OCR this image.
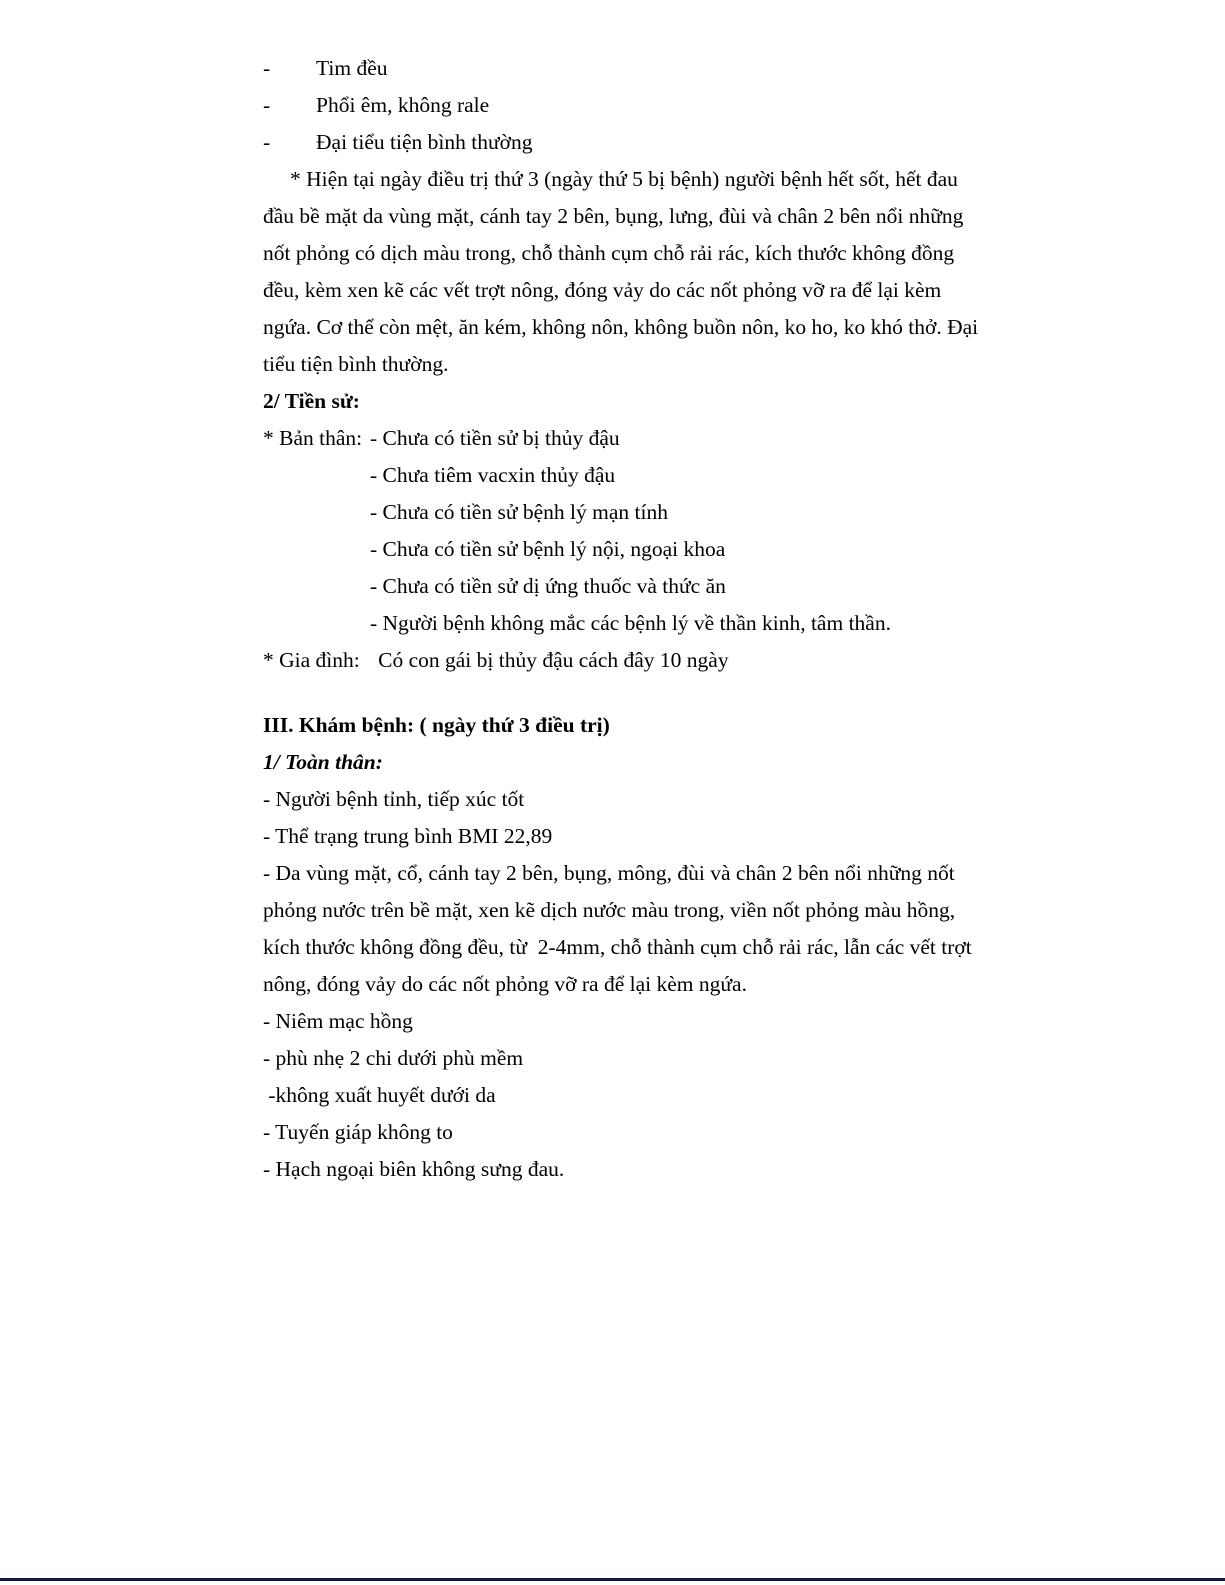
-	Tim đều
-	Phổi êm, không rale
-	Đại tiểu tiện bình thường
* Hiện tại ngày điều trị thứ 3 (ngày thứ 5 bị bệnh) người bệnh hết sốt, hết đau đầu bề mặt da vùng mặt, cánh tay 2 bên, bụng, lưng, đùi và chân 2 bên nổi những nốt phỏng có dịch màu trong, chỗ thành cụm chỗ rải rác, kích thước không đồng đều, kèm xen kẽ các vết trợt nông, đóng vảy do các nốt phỏng vỡ ra để lại kèm ngứa. Cơ thể còn mệt, ăn kém, không nôn, không buồn nôn, ko ho, ko khó thở. Đại tiểu tiện bình thường.
2/ Tiền sử:
* Bản thân: - Chưa có tiền sử bị thủy đậu
- Chưa tiêm vacxin thủy đậu
- Chưa có tiền sử bệnh lý mạn tính
- Chưa có tiền sử bệnh lý nội, ngoại khoa
- Chưa có tiền sử dị ứng thuốc và thức ăn
- Người bệnh không mắc các bệnh lý về thần kinh, tâm thần.
* Gia đình: Có con gái bị thủy đậu cách đây 10 ngày
III. Khám bệnh: ( ngày thứ 3 điều trị)
1/ Toàn thân:
- Người bệnh tỉnh, tiếp xúc tốt
- Thể trạng trung bình BMI 22,89
- Da vùng mặt, cổ, cánh tay 2 bên, bụng, mông, đùi và chân 2 bên nổi những nốt phỏng nước trên bề mặt, xen kẽ dịch nước màu trong, viền nốt phỏng màu hồng, kích thước không đồng đều, từ  2-4mm, chỗ thành cụm chỗ rải rác, lẫn các vết trợt nông, đóng vảy do các nốt phỏng vỡ ra để lại kèm ngứa.
- Niêm mạc hồng
- phù nhẹ 2 chi dưới phù mềm
-không xuất huyết dưới da
- Tuyến giáp không to
- Hạch ngoại biên không sưng đau.
